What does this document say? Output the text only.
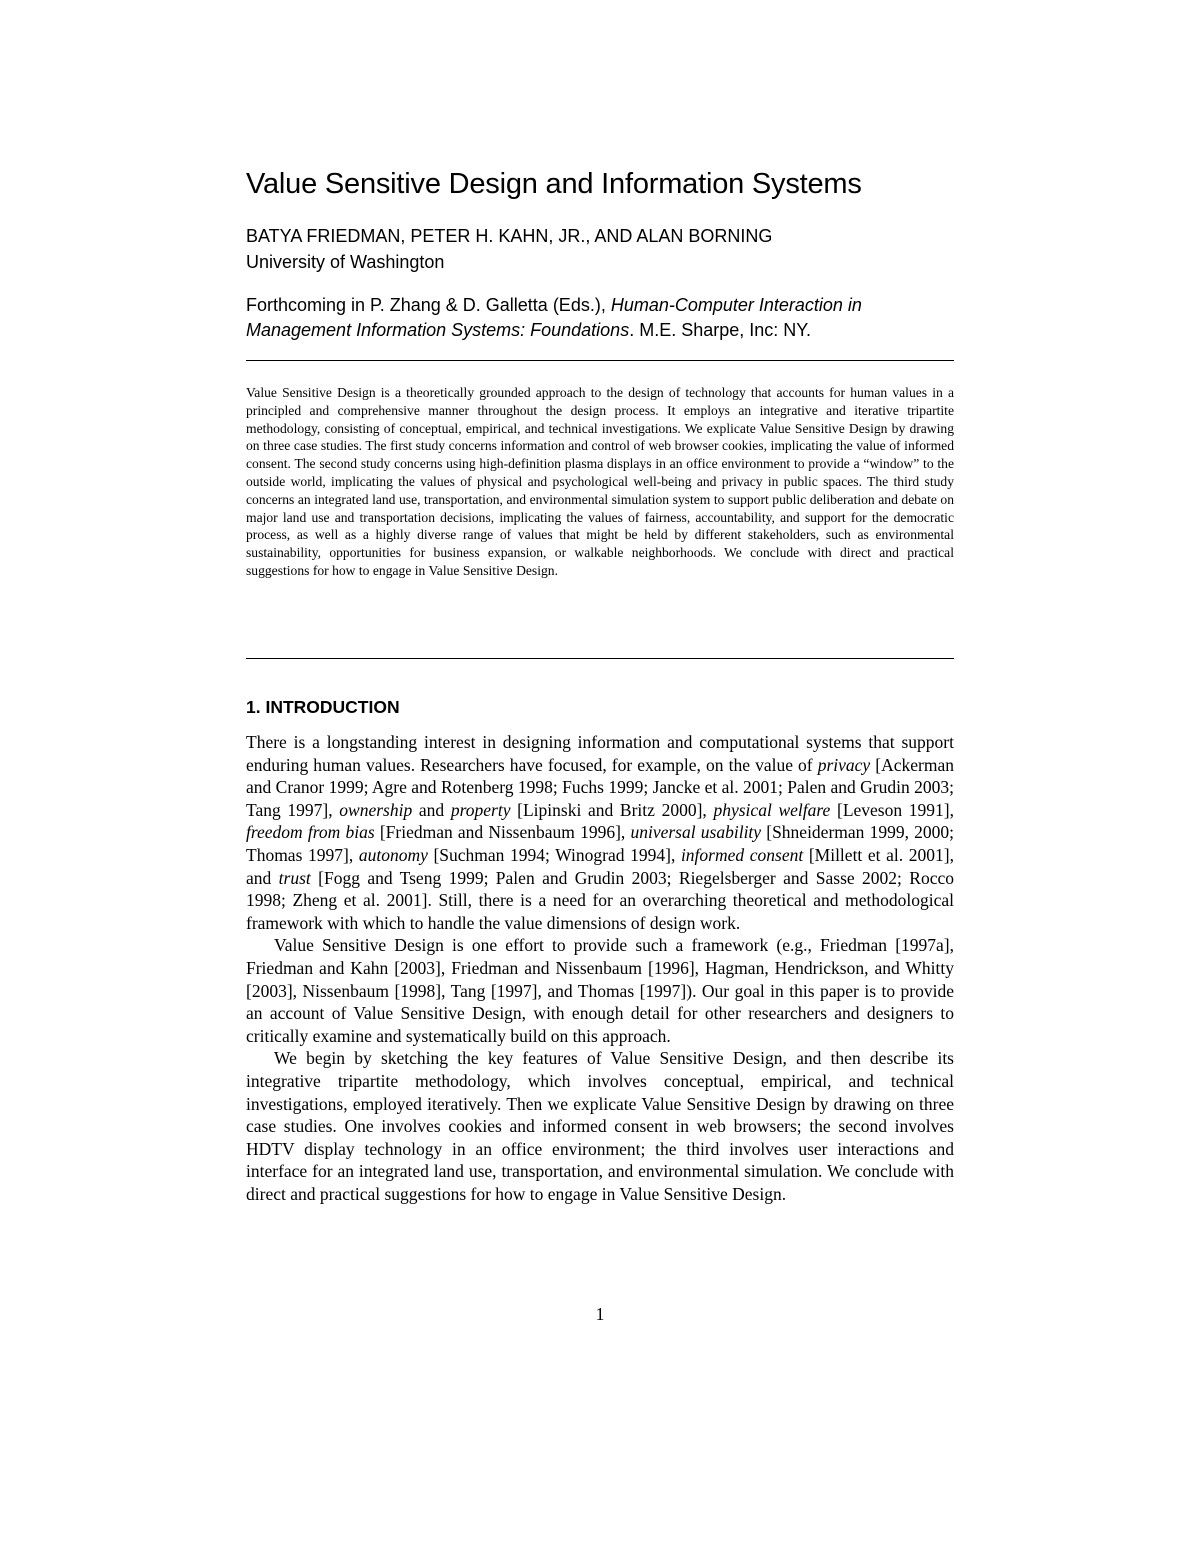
Value Sensitive Design and Information Systems
BATYA FRIEDMAN, PETER H. KAHN, JR., AND ALAN BORNING
University of Washington
Forthcoming in P. Zhang & D. Galletta (Eds.), Human-Computer Interaction in Management Information Systems: Foundations. M.E. Sharpe, Inc: NY.

Value Sensitive Design is a theoretically grounded approach to the design of technology that accounts for human values in a principled and comprehensive manner throughout the design process. It employs an integrative and iterative tripartite methodology, consisting of conceptual, empirical, and technical investigations. We explicate Value Sensitive Design by drawing on three case studies. The first study concerns information and control of web browser cookies, implicating the value of informed consent. The second study concerns using high-definition plasma displays in an office environment to provide a “window” to the outside world, implicating the values of physical and psychological well-being and privacy in public spaces. The third study concerns an integrated land use, transportation, and environmental simulation system to support public deliberation and debate on major land use and transportation decisions, implicating the values of fairness, accountability, and support for the democratic process, as well as a highly diverse range of values that might be held by different stakeholders, such as environmental sustainability, opportunities for business expansion, or walkable neighborhoods. We conclude with direct and practical suggestions for how to engage in Value Sensitive Design.

1. INTRODUCTION

There is a longstanding interest in designing information and computational systems that support enduring human values. Researchers have focused, for example, on the value of privacy [Ackerman and Cranor 1999; Agre and Rotenberg 1998; Fuchs 1999; Jancke et al. 2001; Palen and Grudin 2003; Tang 1997], ownership and property [Lipinski and Britz 2000], physical welfare [Leveson 1991], freedom from bias [Friedman and Nissenbaum 1996], universal usability [Shneiderman 1999, 2000; Thomas 1997], autonomy [Suchman 1994; Winograd 1994], informed consent [Millett et al. 2001], and trust [Fogg and Tseng 1999; Palen and Grudin 2003; Riegelsberger and Sasse 2002; Rocco 1998; Zheng et al. 2001]. Still, there is a need for an overarching theoretical and methodological framework with which to handle the value dimensions of design work.

Value Sensitive Design is one effort to provide such a framework (e.g., Friedman [1997a], Friedman and Kahn [2003], Friedman and Nissenbaum [1996], Hagman, Hendrickson, and Whitty [2003], Nissenbaum [1998], Tang [1997], and Thomas [1997]). Our goal in this paper is to provide an account of Value Sensitive Design, with enough detail for other researchers and designers to critically examine and systematically build on this approach.

We begin by sketching the key features of Value Sensitive Design, and then describe its integrative tripartite methodology, which involves conceptual, empirical, and technical investigations, employed iteratively. Then we explicate Value Sensitive Design by drawing on three case studies. One involves cookies and informed consent in web browsers; the second involves HDTV display technology in an office environment; the third involves user interactions and interface for an integrated land use, transportation, and environmental simulation. We conclude with direct and practical suggestions for how to engage in Value Sensitive Design.

1
